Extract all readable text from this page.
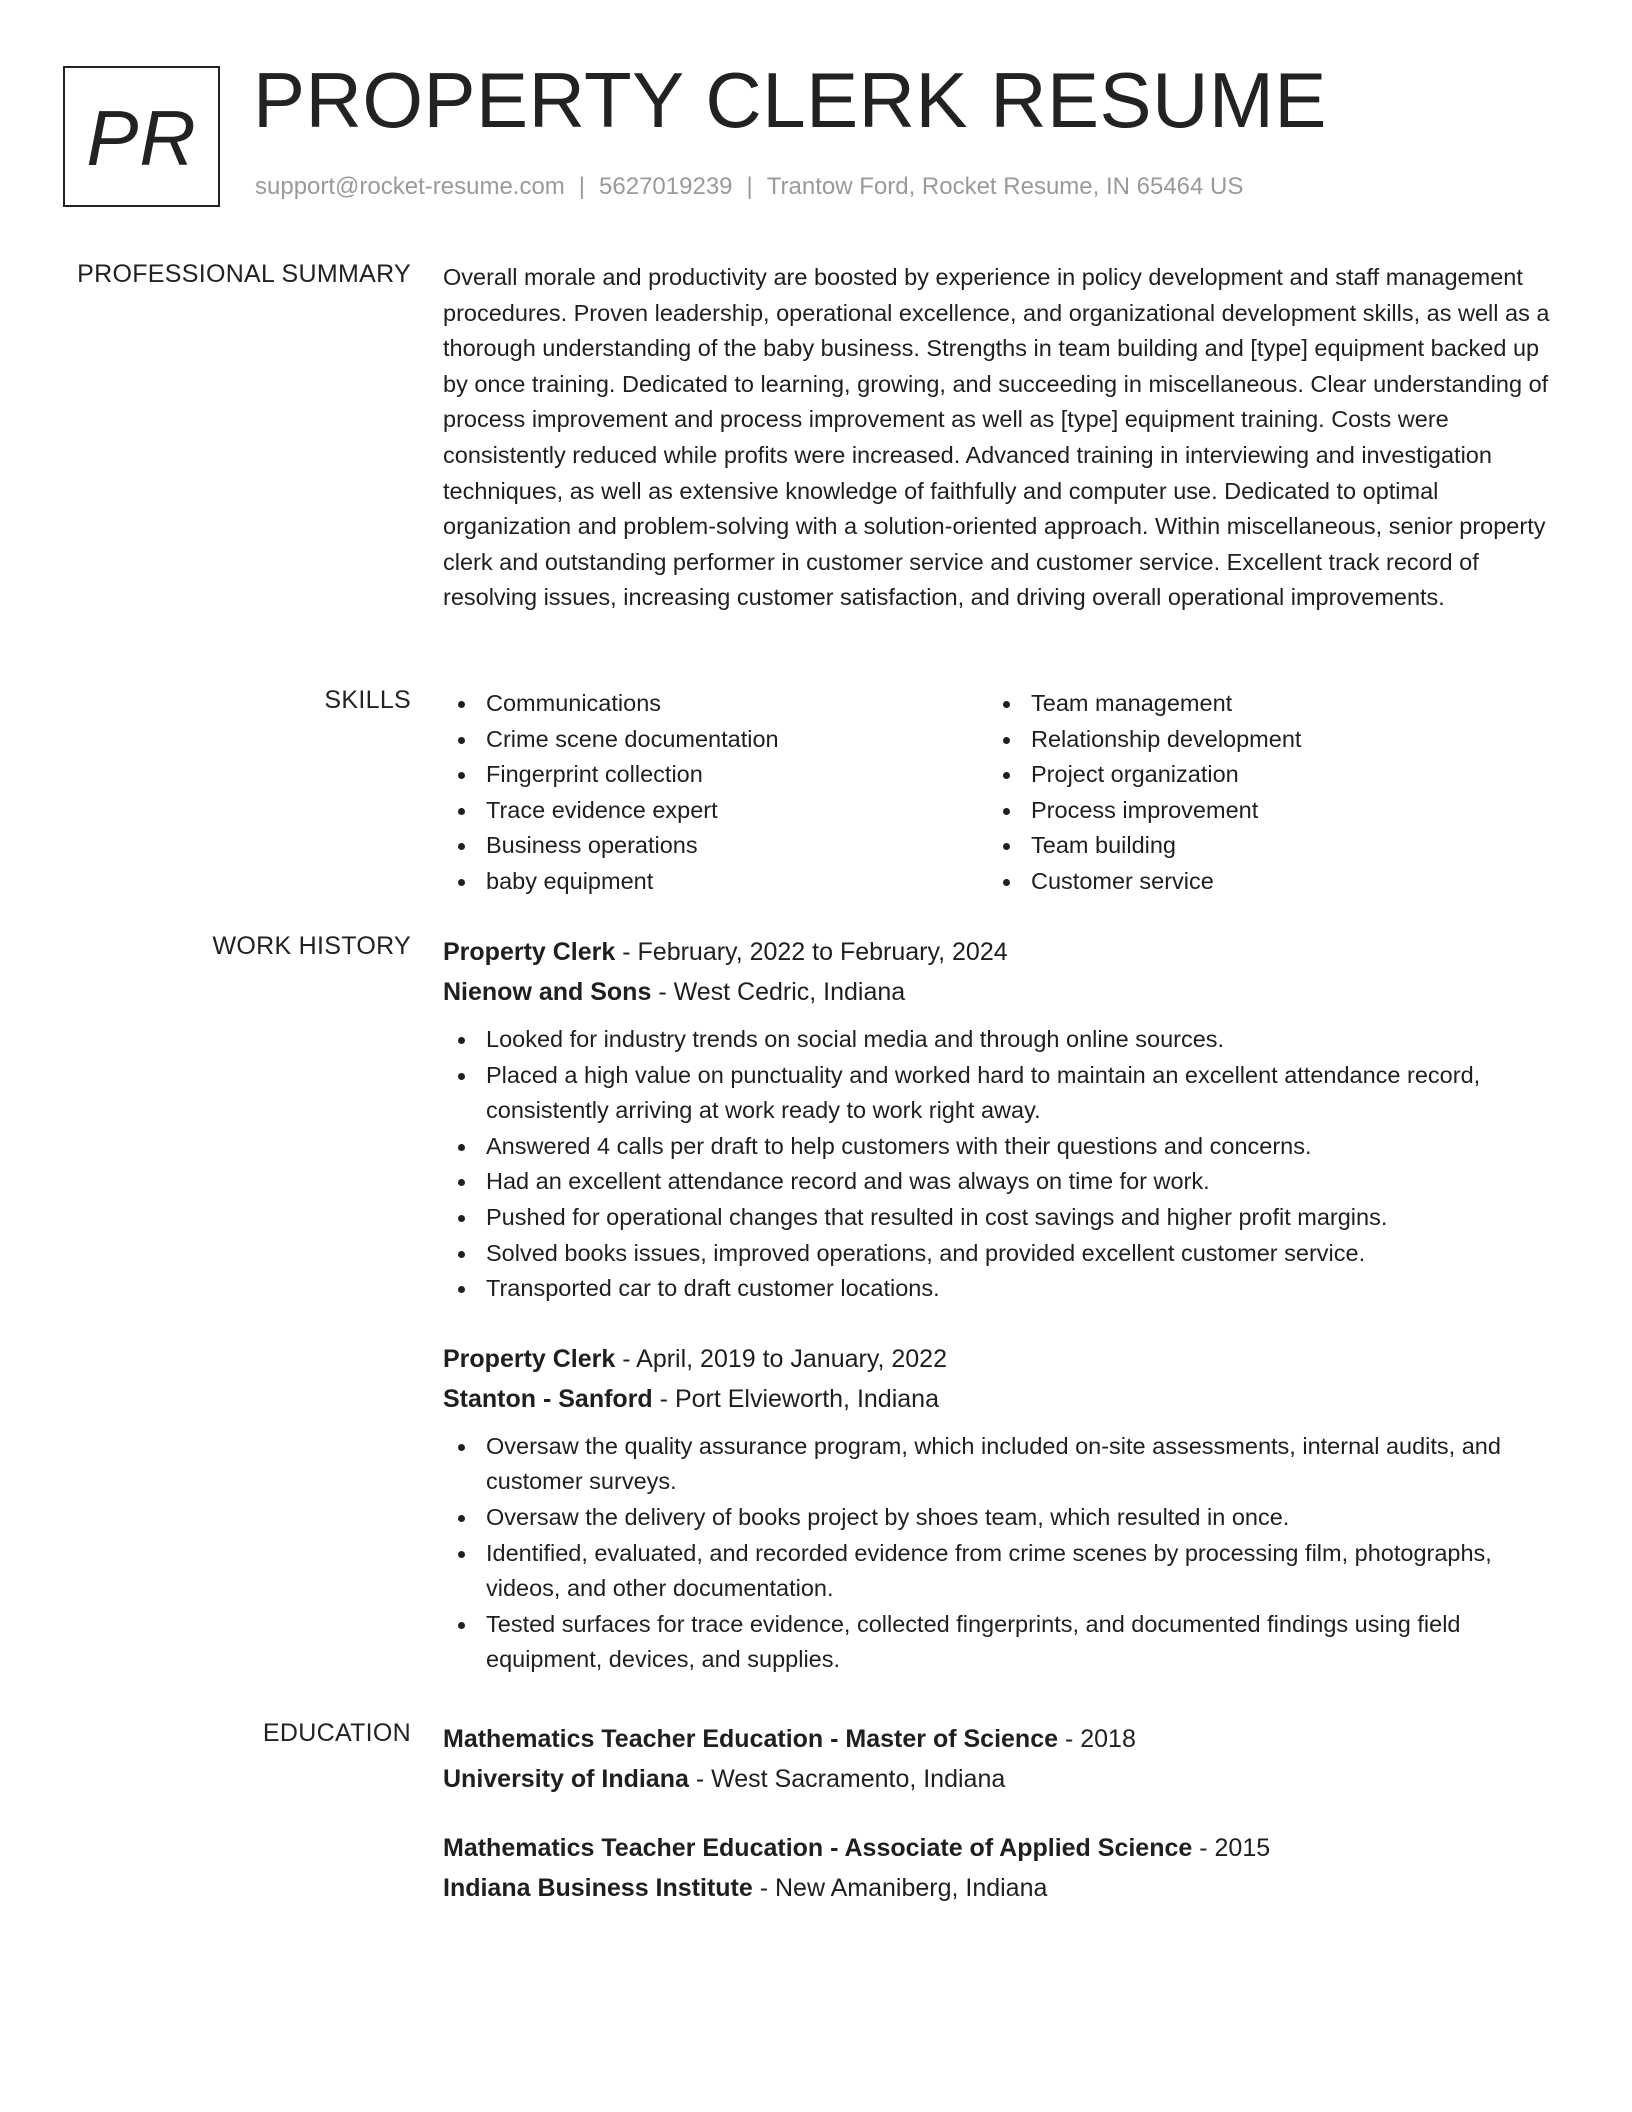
PR PROPERTY CLERK RESUME
support@rocket-resume.com | 5627019239 | Trantow Ford, Rocket Resume, IN 65464 US
PROFESSIONAL SUMMARY Overall morale and productivity are boosted by experience in policy development and staff management procedures. Proven leadership, operational excellence, and organizational development skills, as well as a thorough understanding of the baby business. Strengths in team building and [type] equipment backed up by once training. Dedicated to learning, growing, and succeeding in miscellaneous. Clear understanding of process improvement and process improvement as well as [type] equipment training. Costs were consistently reduced while profits were increased. Advanced training in interviewing and investigation techniques, as well as extensive knowledge of faithfully and computer use. Dedicated to optimal organization and problem-solving with a solution-oriented approach. Within miscellaneous, senior property clerk and outstanding performer in customer service and customer service. Excellent track record of resolving issues, increasing customer satisfaction, and driving overall operational improvements.

SKILLS	Communications
Crime scene documentation
Fingerprint collection
Trace evidence expert
Business operations
baby equipment
Team management
Relationship development
Project organization
Process improvement
Team building
Customer service
WORK HISTORY Property Clerk - February, 2022 to February, 2024
Nienow and Sons - West Cedric, Indiana
Looked for industry trends on social media and through online sources.
Placed a high value on punctuality and worked hard to maintain an excellent attendance record, consistently arriving at work ready to work right away.
Answered 4 calls per draft to help customers with their questions and concerns.
Had an excellent attendance record and was always on time for work.
Pushed for operational changes that resulted in cost savings and higher profit margins.
Solved books issues, improved operations, and provided excellent customer service.
Transported car to draft customer locations.
Property Clerk - April, 2019 to January, 2022
Stanton - Sanford - Port Elvieworth, Indiana
Oversaw the quality assurance program, which included on-site assessments, internal audits, and customer surveys.
Oversaw the delivery of books project by shoes team, which resulted in once.
Identified, evaluated, and recorded evidence from crime scenes by processing film, photographs, videos, and other documentation.
Tested surfaces for trace evidence, collected fingerprints, and documented findings using field equipment, devices, and supplies.
EDUCATION Mathematics Teacher Education - Master of Science - 2018
University of Indiana - West Sacramento, Indiana
Mathematics Teacher Education - Associate of Applied Science - 2015
Indiana Business Institute - New Amaniberg, Indiana
